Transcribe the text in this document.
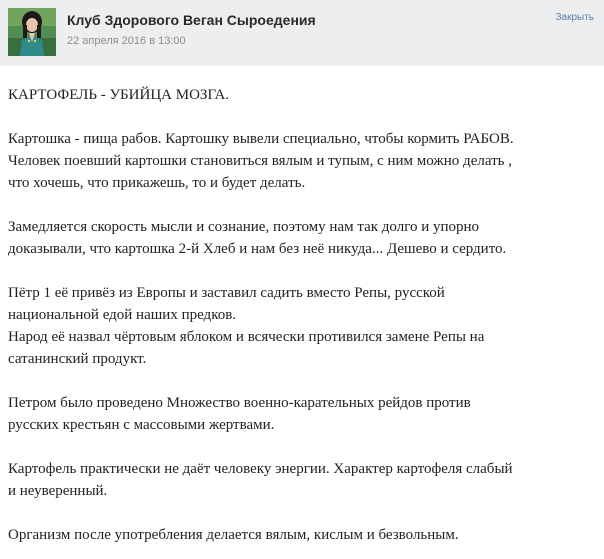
Клуб Здорового Веган Сыроедения
22 апреля 2016 в 13:00
Закрыть

КАРТОФЕЛЬ - УБИЙЦА МОЗГА.

Картошка - пища рабов. Картошку вывели специально, чтобы кормить РАБОВ.

Человек поевший картошки становиться вялым и тупым, с ним можно делать ,

что хочешь, что прикажешь, то и будет делать.

Замедляется скорость мысли и сознание, поэтому нам так долго и упорно

доказывали, что картошка 2-й Хлеб и нам без неё никуда... Дешево и сердито.

Пётр 1 её привёз из Европы и заставил садить вместо Репы, русской

национальной едой наших предков.

Народ её назвал чёртовым яблоком и всячески противился замене Репы на

сатанинский продукт.

Петром было проведено Множество военно-карательных рейдов против

русских крестьян с массовыми жертвами.

Картофель практически не даёт человеку энергии. Характер картофеля слабый

и неуверенный.

Организм после употребления делается вялым, кислым и безвольным.
